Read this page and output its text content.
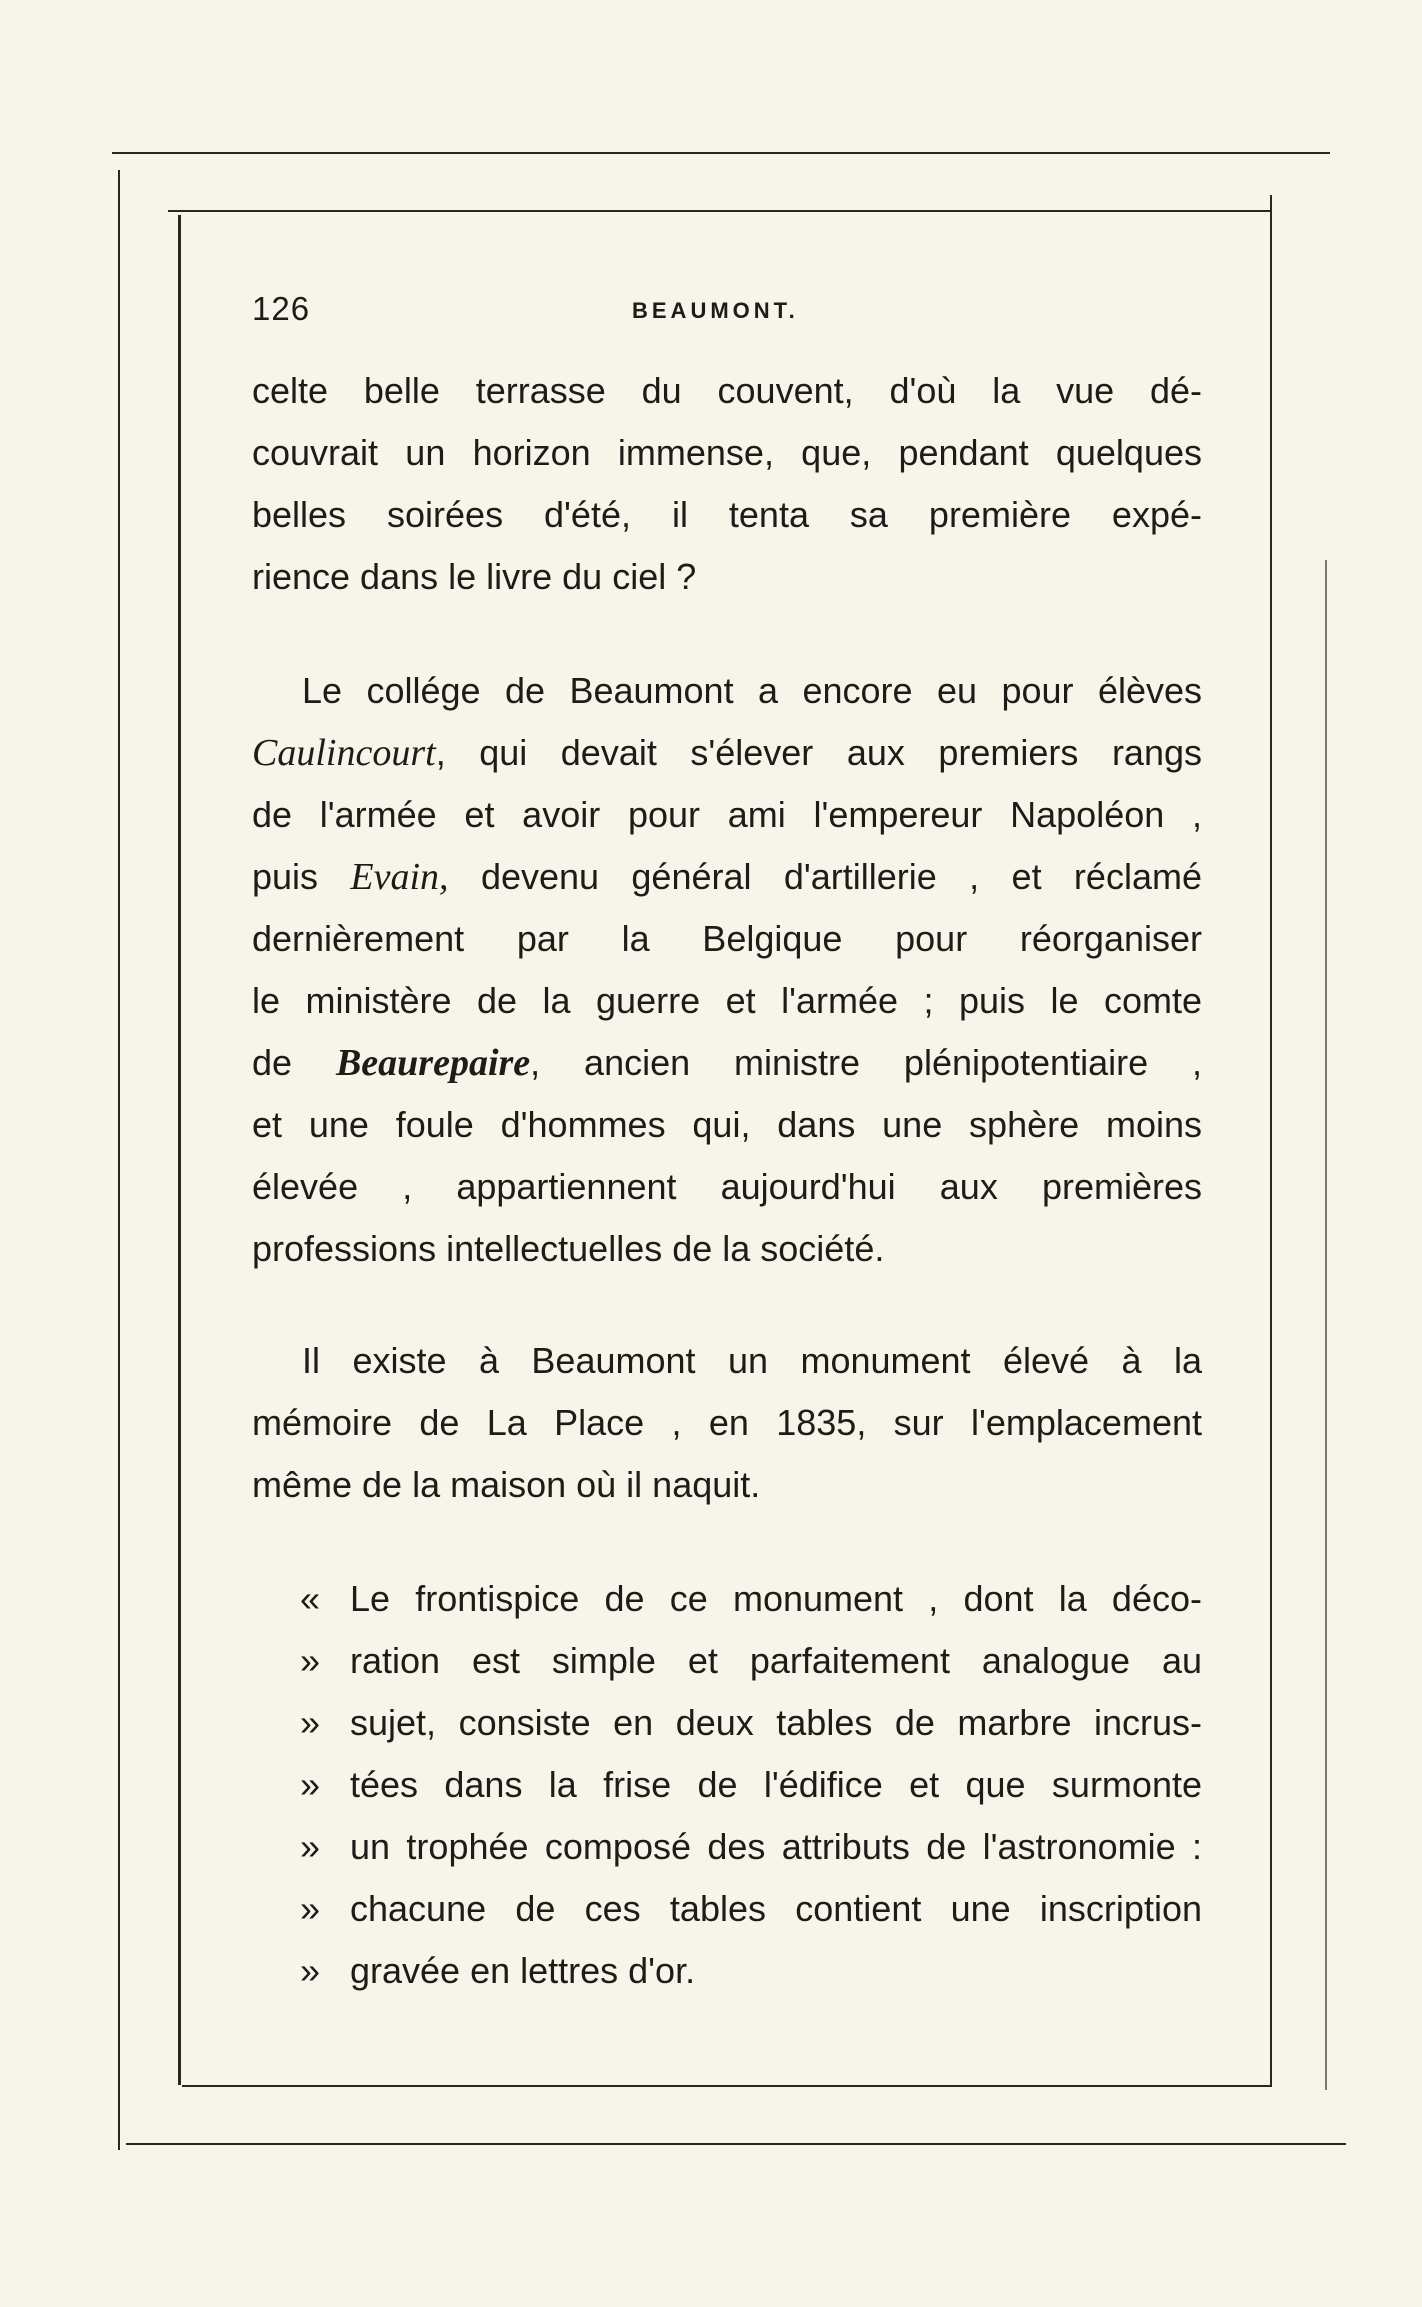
126	BEAUMONT.
celte belle terrasse du couvent, d'où la vue dé-
couvrait un horizon immense, que, pendant quelques
belles soirées d'été, il tenta sa première expé-
rience dans le livre du ciel ?
Le collége de Beaumont a encore eu pour élèves
Caulincourt, qui devait s'élever aux premiers rangs
de l'armée et avoir pour ami l'empereur Napoléon ,
puis Evain, devenu général d'artillerie , et réclamé
dernièrement par la Belgique pour réorganiser
le ministère de la guerre et l'armée ; puis le comte
de Beaurepaire, ancien ministre plénipotentiaire ,
et une foule d'hommes qui, dans une sphère moins
élevée , appartiennent aujourd'hui aux premières
professions intellectuelles de la société.
Il existe à Beaumont un monument élevé à la
mémoire de La Place , en 1835, sur l'emplacement
même de la maison où il naquit.
« Le frontispice de ce monument , dont la déco-
» ration est simple et parfaitement analogue au
» sujet, consiste en deux tables de marbre incrus-
» tées dans la frise de l'édifice et que surmonte
» un trophée composé des attributs de l'astronomie :
» chacune de ces tables contient une inscription
» gravée en lettres d'or.
